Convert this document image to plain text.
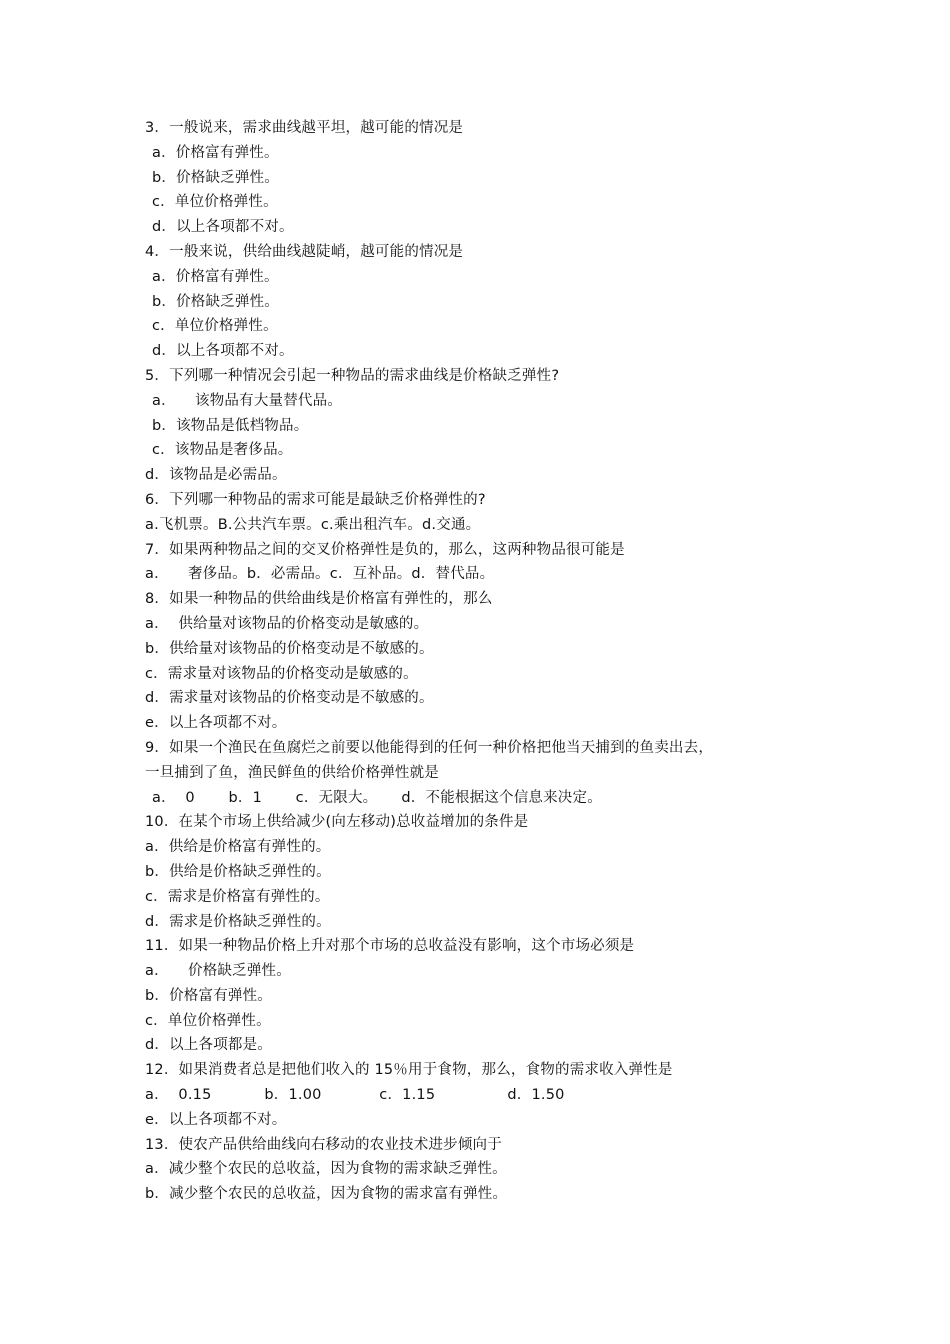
3．一般说来，需求曲线越平坦，越可能的情况是
a．价格富有弹性。
b．价格缺乏弹性。
c．单位价格弹性。
d．以上各项都不对。
4．一般来说，供给曲线越陡峭，越可能的情况是
a．价格富有弹性。
b．价格缺乏弹性。
c．单位价格弹性。
d．以上各项都不对。
5．下列哪一种情况会引起一种物品的需求曲线是价格缺乏弹性?
a．    该物品有大量替代品。
b．该物品是低档物品。
c．该物品是奢侈品。
d．该物品是必需品。
6．下列哪一种物品的需求可能是最缺乏价格弹性的?
a.飞机票。B.公共汽车票。c.乘出租汽车。d.交通。
7．如果两种物品之间的交叉价格弹性是负的，那么，这两种物品很可能是
a．    奢侈品。b．必需品。c．互补品。d．替代品。
8．如果一种物品的供给曲线是价格富有弹性的，那么
a．  供给量对该物品的价格变动是敏感的。
b．供给量对该物品的价格变动是不敏感的。
c．需求量对该物品的价格变动是敏感的。
d．需求量对该物品的价格变动是不敏感的。
e．以上各项都不对。
9．如果一个渔民在鱼腐烂之前要以他能得到的任何一种价格把他当天捕到的鱼卖出去，
一旦捕到了鱼，渔民鲜鱼的供给价格弹性就是
a．  0       b．1       c．无限大。     d．不能根据这个信息来决定。
10．在某个市场上供给减少(向左移动)总收益增加的条件是
a．供给是价格富有弹性的。
b．供给是价格缺乏弹性的。
c．需求是价格富有弹性的。
d．需求是价格缺乏弹性的。
11．如果一种物品价格上升对那个市场的总收益没有影响，这个市场必须是
a．    价格缺乏弹性。
b．价格富有弹性。
c．单位价格弹性。
d．以上各项都是。
12．如果消费者总是把他们收入的 15％用于食物，那么，食物的需求收入弹性是
a．  0.15           b．1.00            c．1.15               d．1.50
e．以上各项都不对。
13．使农产品供给曲线向右移动的农业技术进步倾向于
a．减少整个农民的总收益，因为食物的需求缺乏弹性。
b．减少整个农民的总收益，因为食物的需求富有弹性。
